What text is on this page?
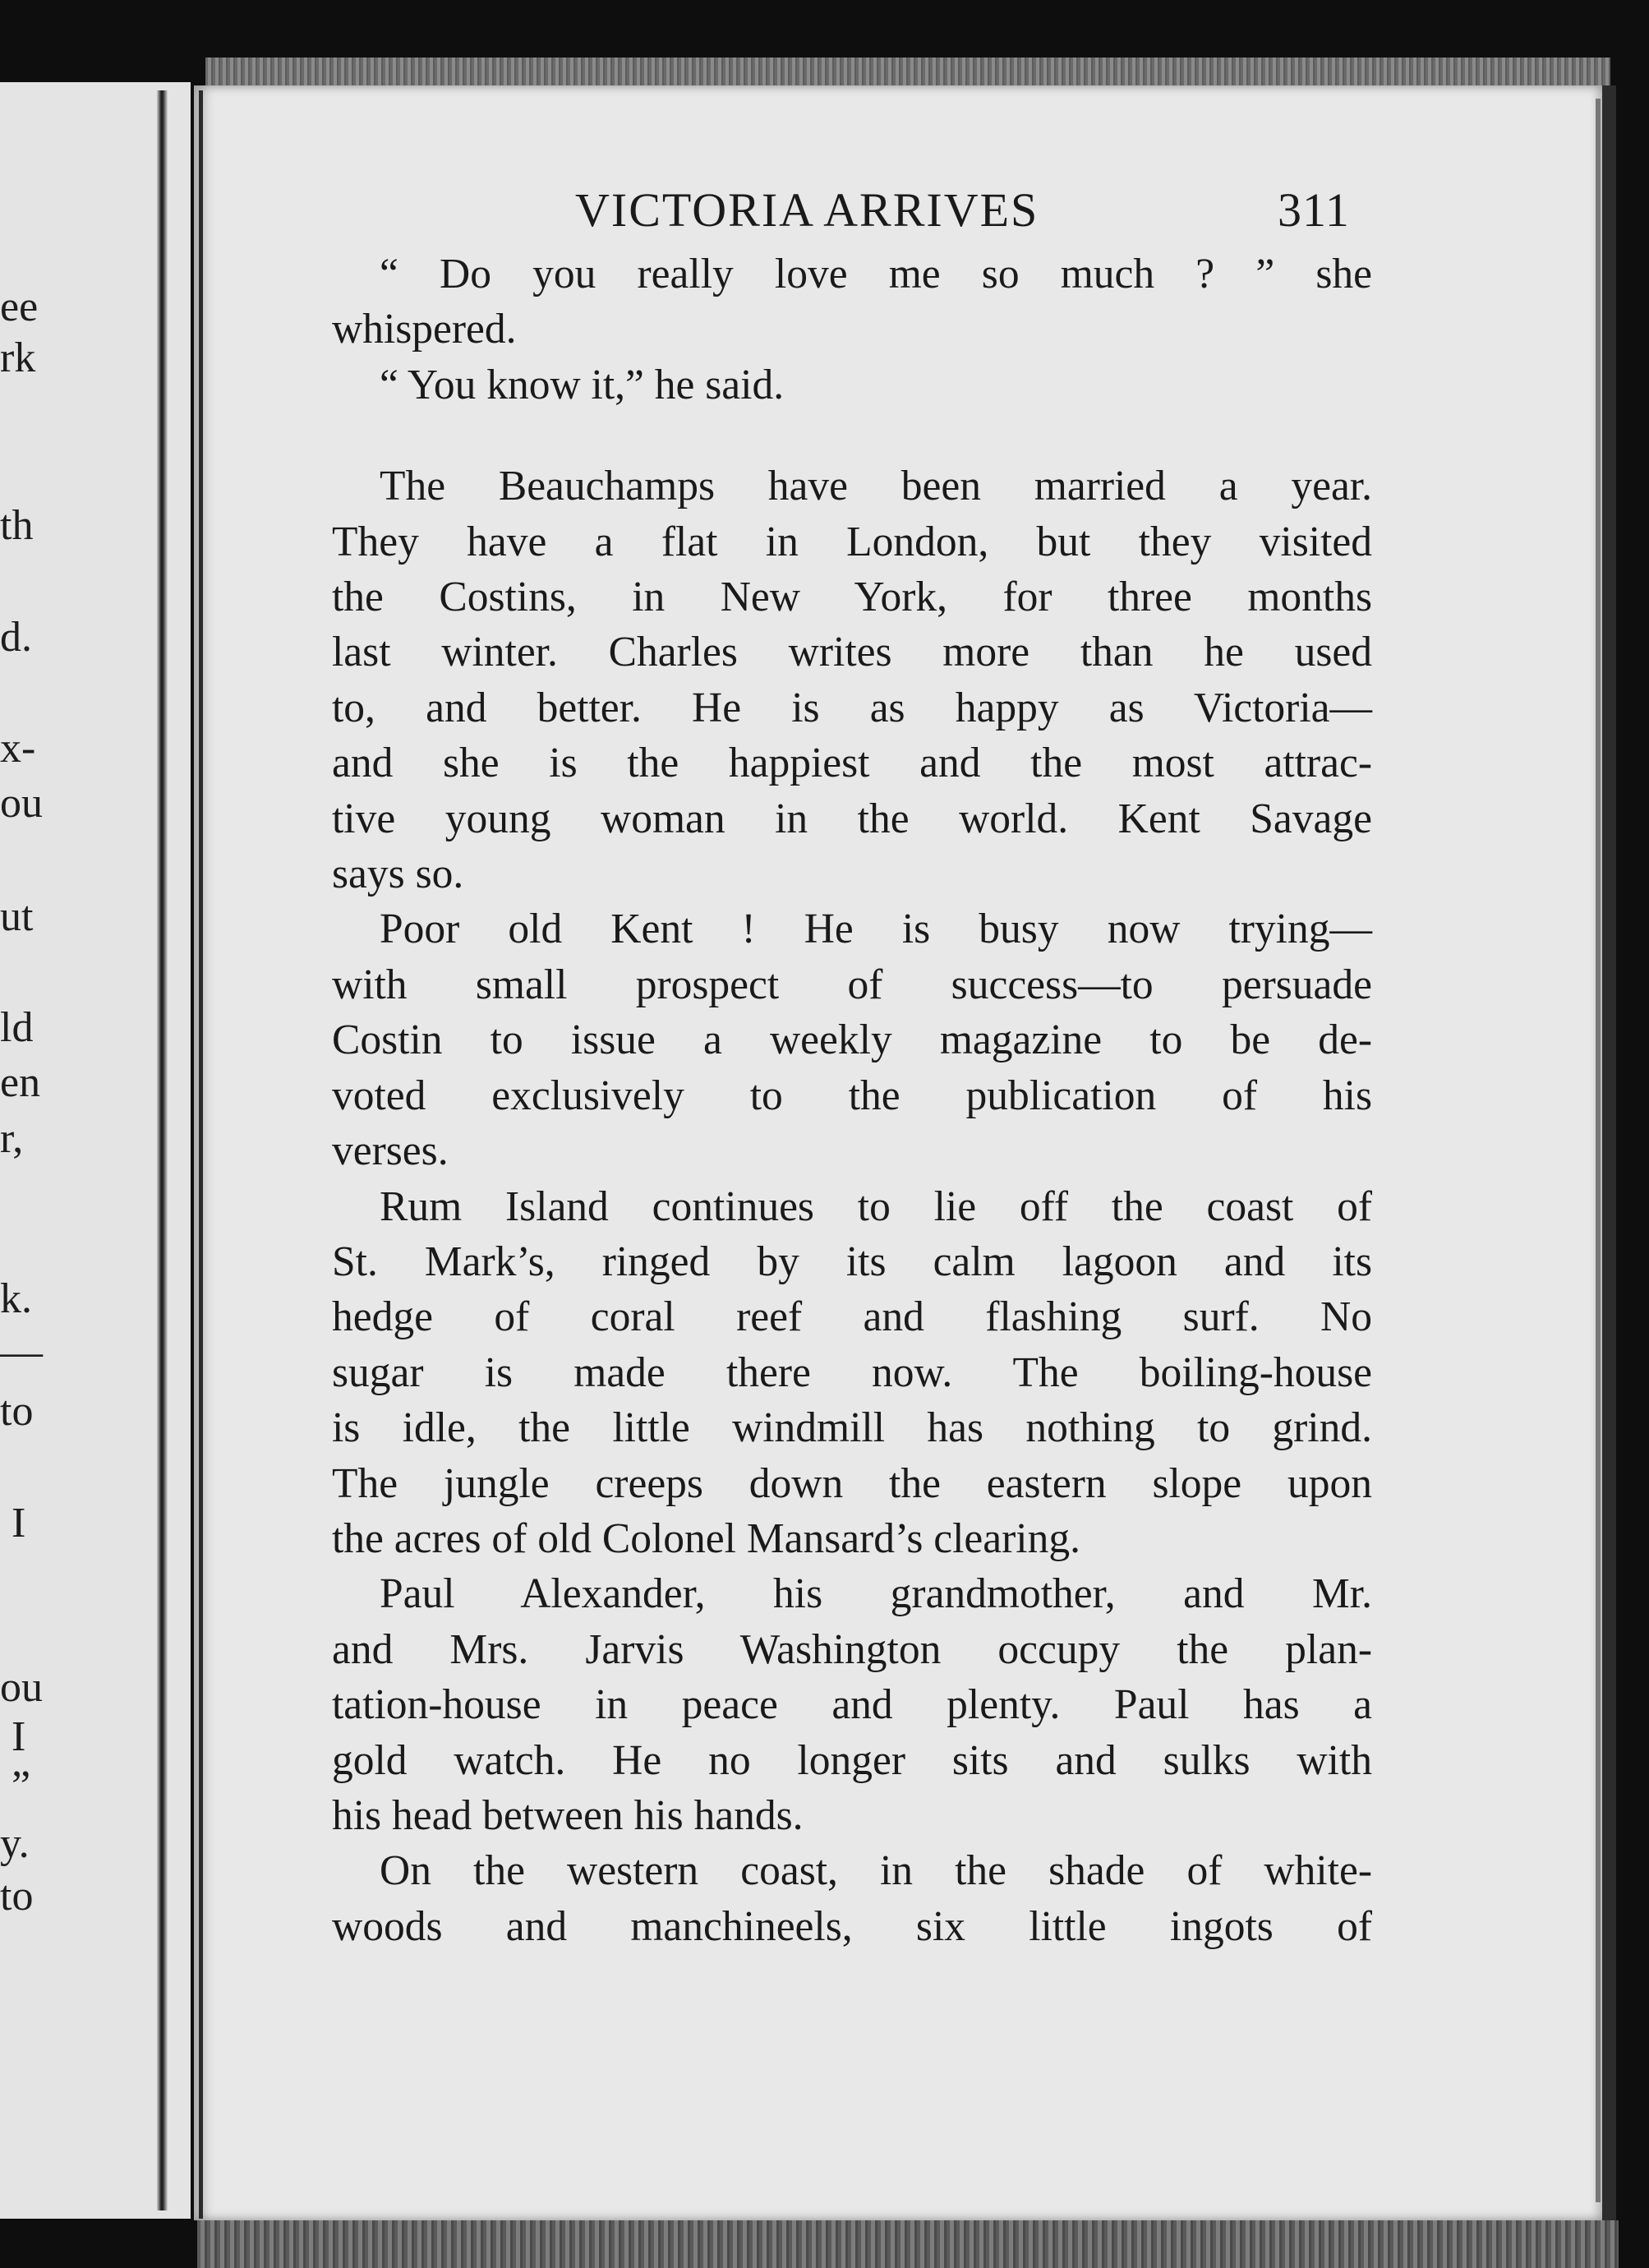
ee
rk
th
d.
x-
ou
ut
ld
en
r,
k.
—
to
I
ou
I
”
y.
to
VICTORIA ARRIVES	311
“ Do you really love me so much ? ” she
whispered.
“ You know it,” he said.
The Beauchamps have been married a year.
They have a flat in London, but they visited
the Costins, in New York, for three months
last winter. Charles writes more than he used
to, and better. He is as happy as Victoria—
and she is the happiest and the most attrac-
tive young woman in the world. Kent Savage
says so.
Poor old Kent ! He is busy now trying—
with small prospect of success—to persuade
Costin to issue a weekly magazine to be de-
voted exclusively to the publication of his
verses.
Rum Island continues to lie off the coast of
St. Mark’s, ringed by its calm lagoon and its
hedge of coral reef and flashing surf. No
sugar is made there now. The boiling-house
is idle, the little windmill has nothing to grind.
The jungle creeps down the eastern slope upon
the acres of old Colonel Mansard’s clearing.
Paul Alexander, his grandmother, and Mr.
and Mrs. Jarvis Washington occupy the plan-
tation-house in peace and plenty. Paul has a
gold watch. He no longer sits and sulks with
his head between his hands.
On the western coast, in the shade of white-
woods and manchineels, six little ingots of
